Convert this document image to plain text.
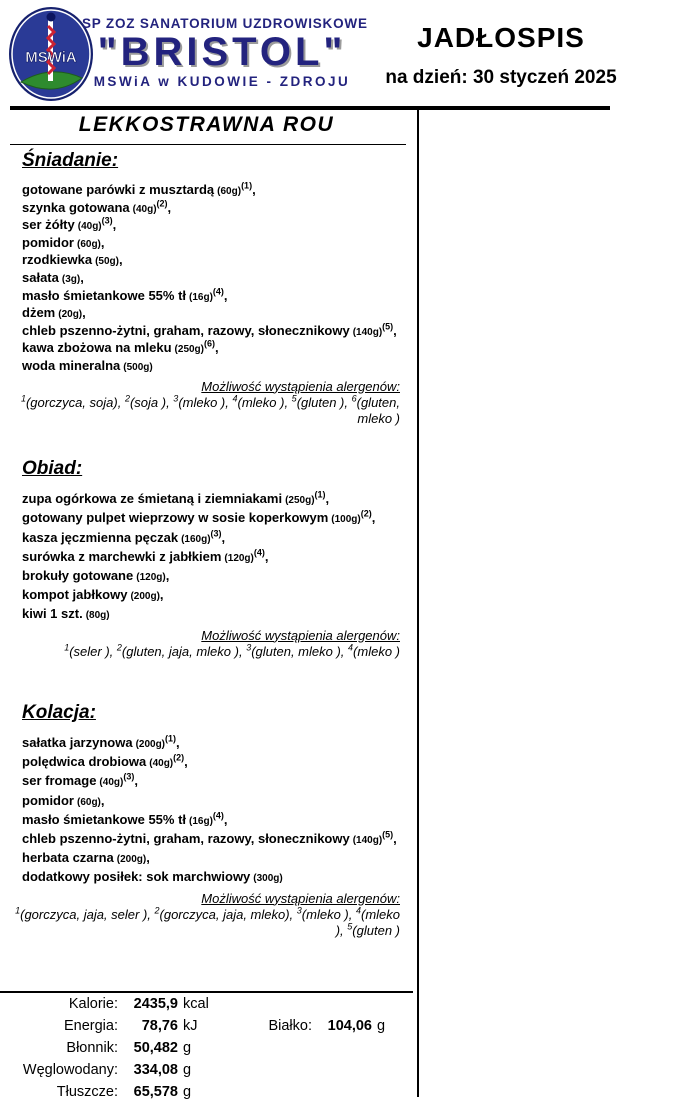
MSWiA
SP ZOZ SANATORIUM UZDROWISKOWE
"BRISTOL"
MSWiA w KUDOWIE - ZDROJU
JADŁOSPIS
na dzień: 30 styczeń 2025
LEKKOSTRAWNA ROU
Śniadanie:
gotowane parówki z musztardą (60g)$^{(1)}$,
szynka gotowana (40g)$^{(2)}$,
ser żółty (40g)$^{(3)}$,
pomidor (60g),
rzodkiewka (50g),
sałata (3g),
masło śmietankowe 55% tł (16g)$^{(4)}$,
dżem (20g),
chleb pszenno-żytni, graham, razowy, słonecznikowy (140g)$^{(5)}$,
kawa zbożowa na mleku (250g)$^{(6)}$,
woda mineralna (500g)
Możliwość wystąpienia alergenów:
$^1$(gorczyca, soja), $^2$(soja ), $^3$(mleko ), $^4$(mleko ), $^5$(gluten ), $^6$(gluten, mleko )
Obiad:
zupa ogórkowa ze śmietaną i ziemniakami (250g)$^{(1)}$,
gotowany pulpet wieprzowy w sosie koperkowym (100g)$^{(2)}$,
kasza jęczmienna pęczak (160g)$^{(3)}$,
surówka z marchewki z jabłkiem (120g)$^{(4)}$,
brokuły gotowane (120g),
kompot jabłkowy (200g),
kiwi 1 szt. (80g)
Możliwość wystąpienia alergenów:
$^1$(seler ), $^2$(gluten, jaja, mleko ), $^3$(gluten, mleko ), $^4$(mleko )
Kolacja:
sałatka jarzynowa (200g)$^{(1)}$,
polędwica drobiowa (40g)$^{(2)}$,
ser fromage (40g)$^{(3)}$,
pomidor (60g),
masło śmietankowe 55% tł (16g)$^{(4)}$,
chleb pszenno-żytni, graham, razowy, słonecznikowy (140g)$^{(5)}$,
herbata czarna (200g),
dodatkowy posiłek: sok marchwiowy (300g)
Możliwość wystąpienia alergenów:
$^1$(gorczyca, jaja, seler ), $^2$(gorczyca, jaja, mleko), $^3$(mleko ), $^4$(mleko ), $^5$(gluten )
Kalorie: 2435,9 kcal
Energia: 78,76 kJ	Białko: 104,06 g
Błonnik: 50,482 g
Węglowodany: 334,08 g
Tłuszcze: 65,578 g
